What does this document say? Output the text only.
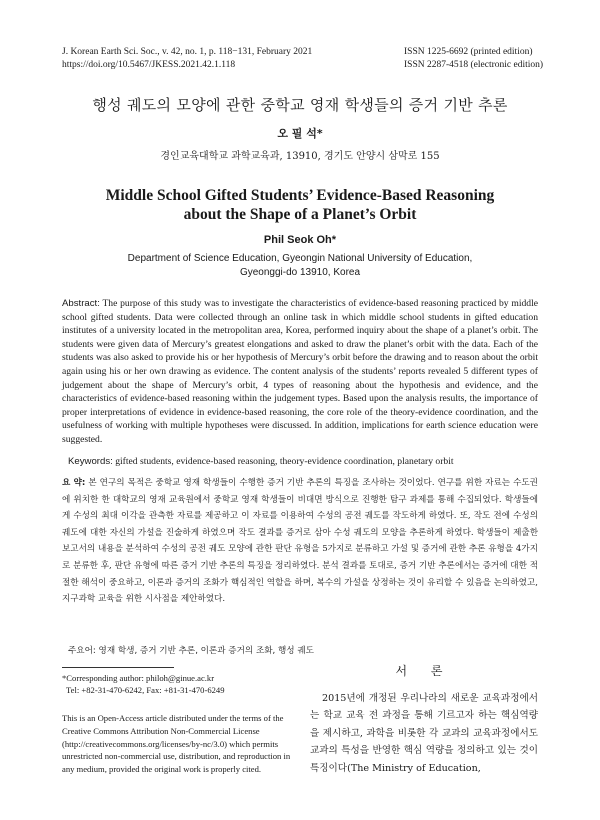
J. Korean Earth Sci. Soc., v. 42, no. 1, p. 118−131, February 2021
https://doi.org/10.5467/JKESS.2021.42.1.118
ISSN 1225-6692 (printed edition)
ISSN 2287-4518 (electronic edition)
행성 궤도의 모양에 관한 중학교 영재 학생들의 증거 기반 추론
오 필 석*
경인교육대학교 과학교육과, 13910, 경기도 안양시 삼막로 155
Middle School Gifted Students’ Evidence-Based Reasoning
about the Shape of a Planet’s Orbit
Phil Seok Oh*
Department of Science Education, Gyeongin National University of Education,
Gyeonggi-do 13910, Korea
Abstract: The purpose of this study was to investigate the characteristics of evidence-based reasoning practiced by middle school gifted students. Data were collected through an online task in which middle school students in gifted education institutes of a university located in the metropolitan area, Korea, performed inquiry about the shape of a planet’s orbit. The students were given data of Mercury’s greatest elongations and asked to draw the planet’s orbit with the data. Each of the students was also asked to provide his or her hypothesis of Mercury’s orbit before the drawing and to reason about the orbit again using his or her own drawing as evidence. The content analysis of the students’ reports revealed 5 different types of judgement about the shape of Mercury’s orbit, 4 types of reasoning about the hypothesis and evidence, and the characteristics of evidence-based reasoning within the judgement types. Based upon the analysis results, the importance of proper interpretations of evidence in evidence-based reasoning, the core role of the theory-evidence coordination, and the usefulness of working with multiple hypotheses were discussed. In addition, implications for earth science education were suggested.
Keywords: gifted students, evidence-based reasoning, theory-evidence coordination, planetary orbit
요 약: 본 연구의 목적은 중학교 영재 학생들이 수행한 증거 기반 추론의 특징을 조사하는 것이었다. 연구를 위한 자료는 수도권에 위치한 한 대학교의 영재 교육원에서 중학교 영재 학생들이 비대면 방식으로 진행한 탐구 과제를 통해 수집되었다. 학생들에게 수성의 최대 이각을 관측한 자료를 제공하고 이 자료를 이용하여 수성의 공전 궤도를 작도하게 하였다. 또, 작도 전에 수성의 궤도에 대한 자신의 가설을 진술하게 하였으며 작도 결과를 증거로 삼아 수성 궤도의 모양을 추론하게 하였다. 학생들이 제출한 보고서의 내용을 분석하여 수성의 공전 궤도 모양에 관한 판단 유형을 5가지로 분류하고 가설 및 증거에 관한 추론 유형을 4가지로 분류한 후, 판단 유형에 따른 증거 기반 추론의 특징을 정리하였다. 분석 결과를 토대로, 증거 기반 추론에서는 증거에 대한 적절한 해석이 중요하고, 이론과 증거의 조화가 핵심적인 역할을 하며, 복수의 가설을 상정하는 것이 유리할 수 있음을 논의하였고, 지구과학 교육을 위한 시사점을 제안하였다.
주요어: 영재 학생, 증거 기반 추론, 이론과 증거의 조화, 행성 궤도
*Corresponding author: philoh@ginue.ac.kr
Tel: +82-31-470-6242, Fax: +81-31-470-6249
This is an Open-Access article distributed under the terms of the Creative Commons Attribution Non-Commercial License (http://creativecommons.org/licenses/by-nc/3.0) which permits unrestricted non-commercial use, distribution, and reproduction in any medium, provided the original work is properly cited.
서 론
2015년에 개정된 우리나라의 새로운 교육과정에서는 학교 교육 전 과정을 통해 기르고자 하는 핵심역량을 제시하고, 과학을 비롯한 각 교과의 교육과정에서도 교과의 특성을 반영한 핵심 역량을 정의하고 있는 것이 특징이다(The Ministry of Education,
